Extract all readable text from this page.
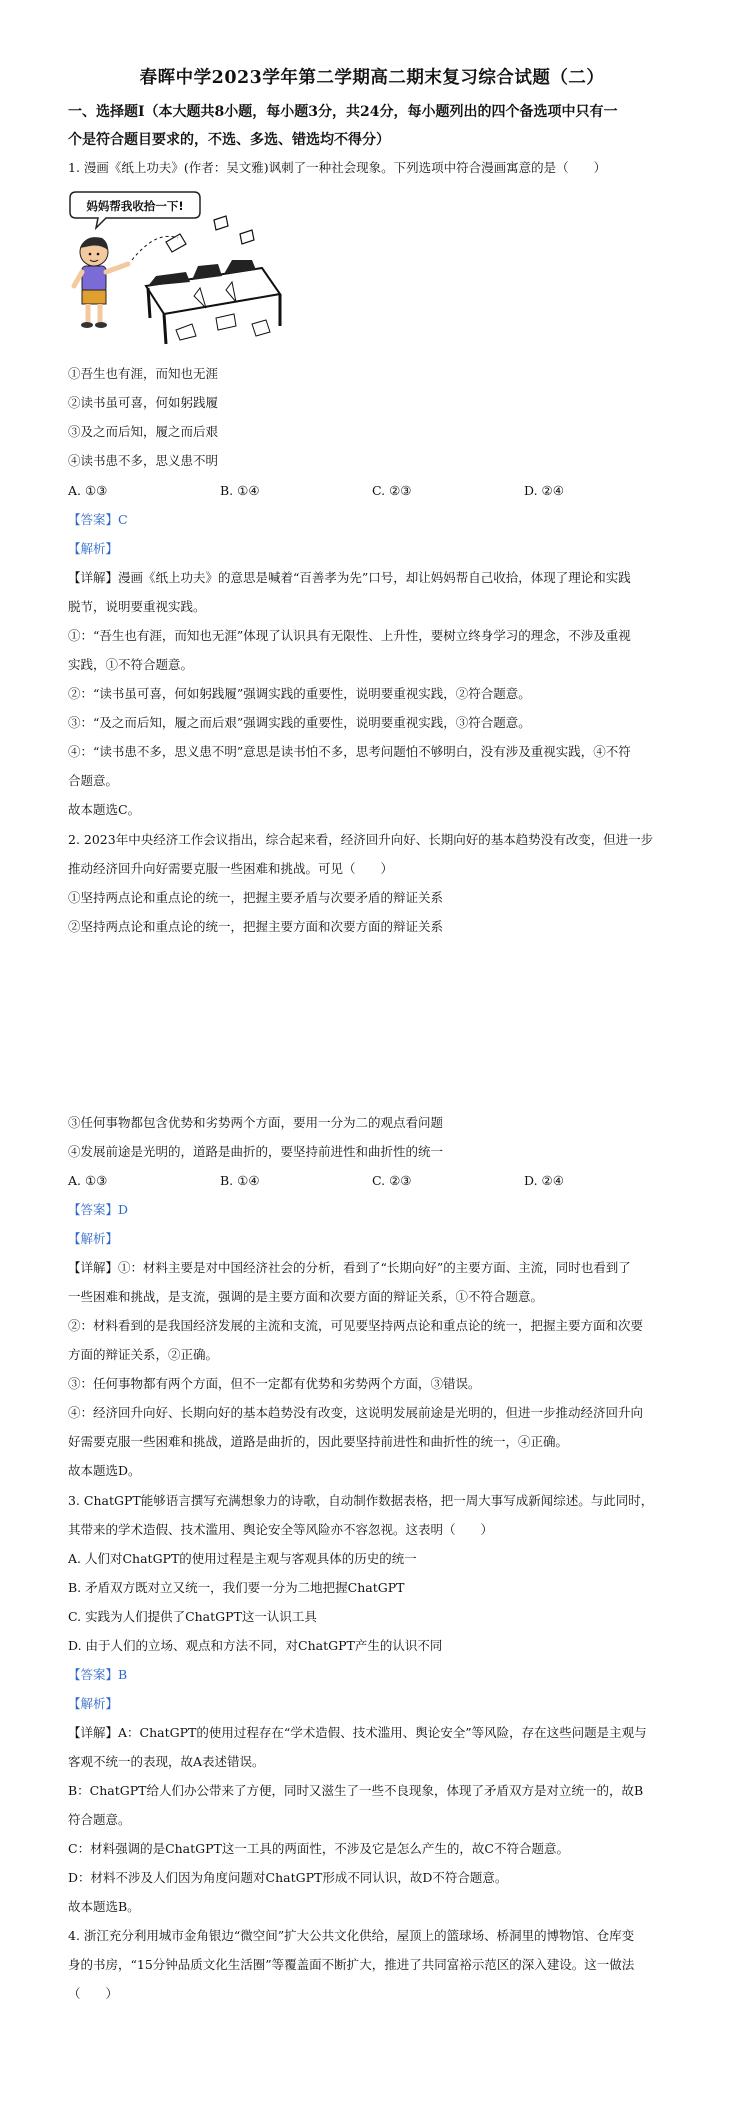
春晖中学2023学年第二学期高二期末复习综合试题（二）
一、选择题Ⅰ（本大题共8小题，每小题3分，共24分，每小题列出的四个备选项中只有一
个是符合题目要求的，不选、多选、错选均不得分）
1. 漫画《纸上功夫》(作者：吴文雅)讽刺了一种社会现象。下列选项中符合漫画寓意的是（　　）
妈妈帮我收拾一下!
①吾生也有涯，而知也无涯
②读书虽可喜，何如躬践履
③及之而后知，履之而后艰
④读书患不多，思义患不明
A. ①③	B. ①④	C. ②③	D. ②④
【答案】C
【解析】
【详解】漫画《纸上功夫》的意思是喊着“百善孝为先”口号，却让妈妈帮自己收拾，体现了理论和实践
脱节，说明要重视实践。
①：“吾生也有涯，而知也无涯”体现了认识具有无限性、上升性，要树立终身学习的理念，不涉及重视
实践，①不符合题意。
②：“读书虽可喜，何如躬践履”强调实践的重要性，说明要重视实践，②符合题意。
③：“及之而后知，履之而后艰”强调实践的重要性，说明要重视实践，③符合题意。
④：“读书患不多，思义患不明”意思是读书怕不多，思考问题怕不够明白，没有涉及重视实践，④不符
合题意。
故本题选C。
2. 2023年中央经济工作会议指出，综合起来看，经济回升向好、长期向好的基本趋势没有改变，但进一步
推动经济回升向好需要克服一些困难和挑战。可见（　　）
①坚持两点论和重点论的统一，把握主要矛盾与次要矛盾的辩证关系
②坚持两点论和重点论的统一，把握主要方面和次要方面的辩证关系
③任何事物都包含优势和劣势两个方面，要用一分为二的观点看问题
④发展前途是光明的，道路是曲折的，要坚持前进性和曲折性的统一
A. ①③	B. ①④	C. ②③	D. ②④
【答案】D
【解析】
【详解】①：材料主要是对中国经济社会的分析，看到了“长期向好”的主要方面、主流，同时也看到了
一些困难和挑战，是支流，强调的是主要方面和次要方面的辩证关系，①不符合题意。
②：材料看到的是我国经济发展的主流和支流，可见要坚持两点论和重点论的统一，把握主要方面和次要
方面的辩证关系，②正确。
③：任何事物都有两个方面，但不一定都有优势和劣势两个方面，③错误。
④：经济回升向好、长期向好的基本趋势没有改变，这说明发展前途是光明的，但进一步推动经济回升向
好需要克服一些困难和挑战，道路是曲折的，因此要坚持前进性和曲折性的统一，④正确。
故本题选D。
3. ChatGPT能够语言撰写充满想象力的诗歌，自动制作数据表格，把一周大事写成新闻综述。与此同时，
其带来的学术造假、技术滥用、舆论安全等风险亦不容忽视。这表明（　　）
A. 人们对ChatGPT的使用过程是主观与客观具体的历史的统一
B. 矛盾双方既对立又统一，我们要一分为二地把握ChatGPT
C. 实践为人们提供了ChatGPT这一认识工具
D. 由于人们的立场、观点和方法不同，对ChatGPT产生的认识不同
【答案】B
【解析】
【详解】A：ChatGPT的使用过程存在“学术造假、技术滥用、舆论安全”等风险，存在这些问题是主观与
客观不统一的表现，故A表述错误。
B：ChatGPT给人们办公带来了方便，同时又滋生了一些不良现象，体现了矛盾双方是对立统一的，故B
符合题意。
C：材料强调的是ChatGPT这一工具的两面性，不涉及它是怎么产生的，故C不符合题意。
D：材料不涉及人们因为角度问题对ChatGPT形成不同认识，故D不符合题意。
故本题选B。
4. 浙江充分利用城市金角银边“微空间”扩大公共文化供给，屋顶上的篮球场、桥洞里的博物馆、仓库变
身的书房，“15分钟品质文化生活圈”等覆盖面不断扩大，推进了共同富裕示范区的深入建设。这一做法
（　　）
